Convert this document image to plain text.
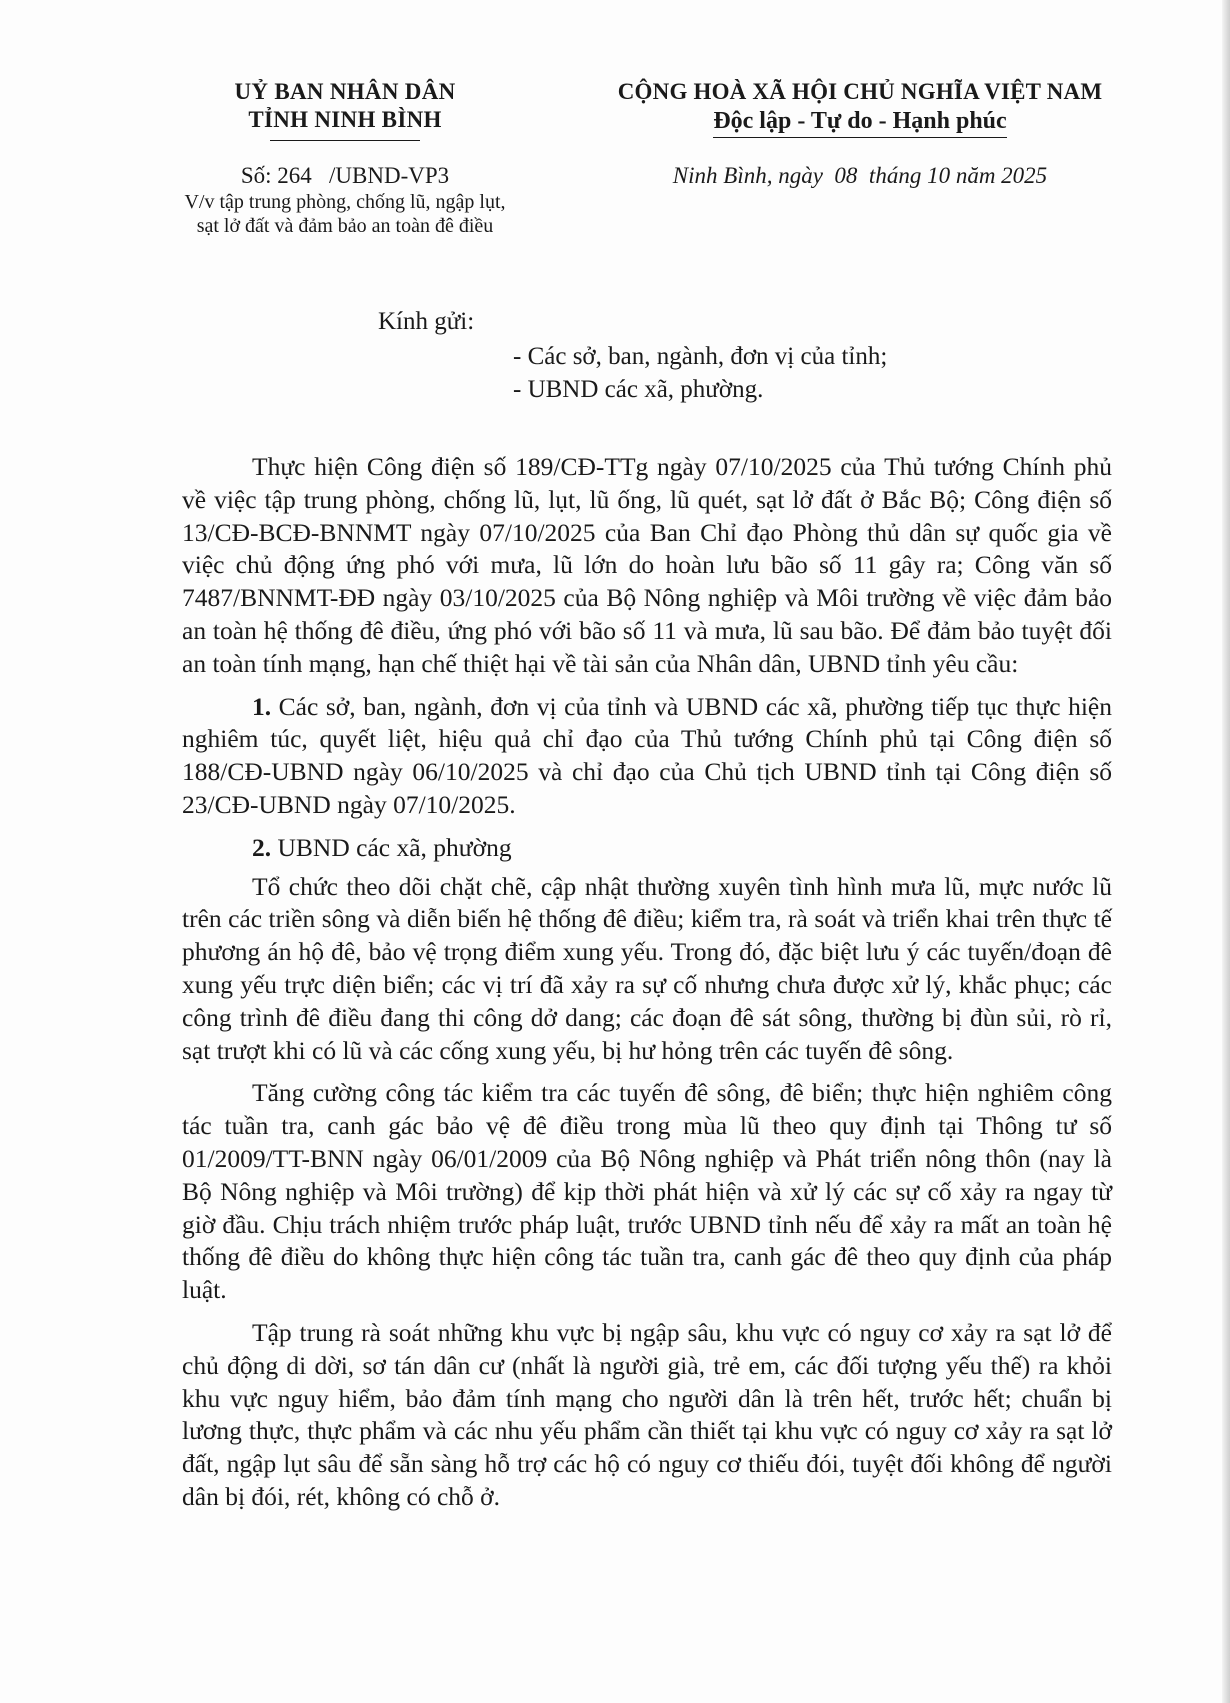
UỶ BAN NHÂN DÂN
TỈNH NINH BÌNH
CỘNG HOÀ XÃ HỘI CHỦ NGHĨA VIỆT NAM
Độc lập - Tự do - Hạnh phúc
Số: 264   /UBND-VP3
V/v tập trung phòng, chống lũ, ngập lụt,
sạt lở đất và đảm bảo an toàn đê điều
Ninh Bình, ngày  08  tháng 10 năm 2025
Kính gửi:
- Các sở, ban, ngành, đơn vị của tỉnh;
- UBND các xã, phường.

Thực hiện Công điện số 189/CĐ-TTg ngày 07/10/2025 của Thủ tướng Chính phủ về việc tập trung phòng, chống lũ, lụt, lũ ống, lũ quét, sạt lở đất ở Bắc Bộ; Công điện số 13/CĐ-BCĐ-BNNMT ngày 07/10/2025 của Ban Chỉ đạo Phòng thủ dân sự quốc gia về việc chủ động ứng phó với mưa, lũ lớn do hoàn lưu bão số 11 gây ra; Công văn số 7487/BNNMT-ĐĐ ngày 03/10/2025 của Bộ Nông nghiệp và Môi trường về việc đảm bảo an toàn hệ thống đê điều, ứng phó với bão số 11 và mưa, lũ sau bão. Để đảm bảo tuyệt đối an toàn tính mạng, hạn chế thiệt hại về tài sản của Nhân dân, UBND tỉnh yêu cầu:

1. Các sở, ban, ngành, đơn vị của tỉnh và UBND các xã, phường tiếp tục thực hiện nghiêm túc, quyết liệt, hiệu quả chỉ đạo của Thủ tướng Chính phủ tại Công điện số 188/CĐ-UBND ngày 06/10/2025 và chỉ đạo của Chủ tịch UBND tỉnh tại Công điện số 23/CĐ-UBND ngày 07/10/2025.

2. UBND các xã, phường

Tổ chức theo dõi chặt chẽ, cập nhật thường xuyên tình hình mưa lũ, mực nước lũ trên các triền sông và diễn biến hệ thống đê điều; kiểm tra, rà soát và triển khai trên thực tế phương án hộ đê, bảo vệ trọng điểm xung yếu. Trong đó, đặc biệt lưu ý các tuyến/đoạn đê xung yếu trực diện biển; các vị trí đã xảy ra sự cố nhưng chưa được xử lý, khắc phục; các công trình đê điều đang thi công dở dang; các đoạn đê sát sông, thường bị đùn sủi, rò rỉ, sạt trượt khi có lũ và các cống xung yếu, bị hư hỏng trên các tuyến đê sông.

Tăng cường công tác kiểm tra các tuyến đê sông, đê biển; thực hiện nghiêm công tác tuần tra, canh gác bảo vệ đê điều trong mùa lũ theo quy định tại Thông tư số 01/2009/TT-BNN ngày 06/01/2009 của Bộ Nông nghiệp và Phát triển nông thôn (nay là Bộ Nông nghiệp và Môi trường) để kịp thời phát hiện và xử lý các sự cố xảy ra ngay từ giờ đầu. Chịu trách nhiệm trước pháp luật, trước UBND tỉnh nếu để xảy ra mất an toàn hệ thống đê điều do không thực hiện công tác tuần tra, canh gác đê theo quy định của pháp luật.

Tập trung rà soát những khu vực bị ngập sâu, khu vực có nguy cơ xảy ra sạt lở để chủ động di dời, sơ tán dân cư (nhất là người già, trẻ em, các đối tượng yếu thế) ra khỏi khu vực nguy hiểm, bảo đảm tính mạng cho người dân là trên hết, trước hết; chuẩn bị lương thực, thực phẩm và các nhu yếu phẩm cần thiết tại khu vực có nguy cơ xảy ra sạt lở đất, ngập lụt sâu để sẵn sàng hỗ trợ các hộ có nguy cơ thiếu đói, tuyệt đối không để người dân bị đói, rét, không có chỗ ở.
